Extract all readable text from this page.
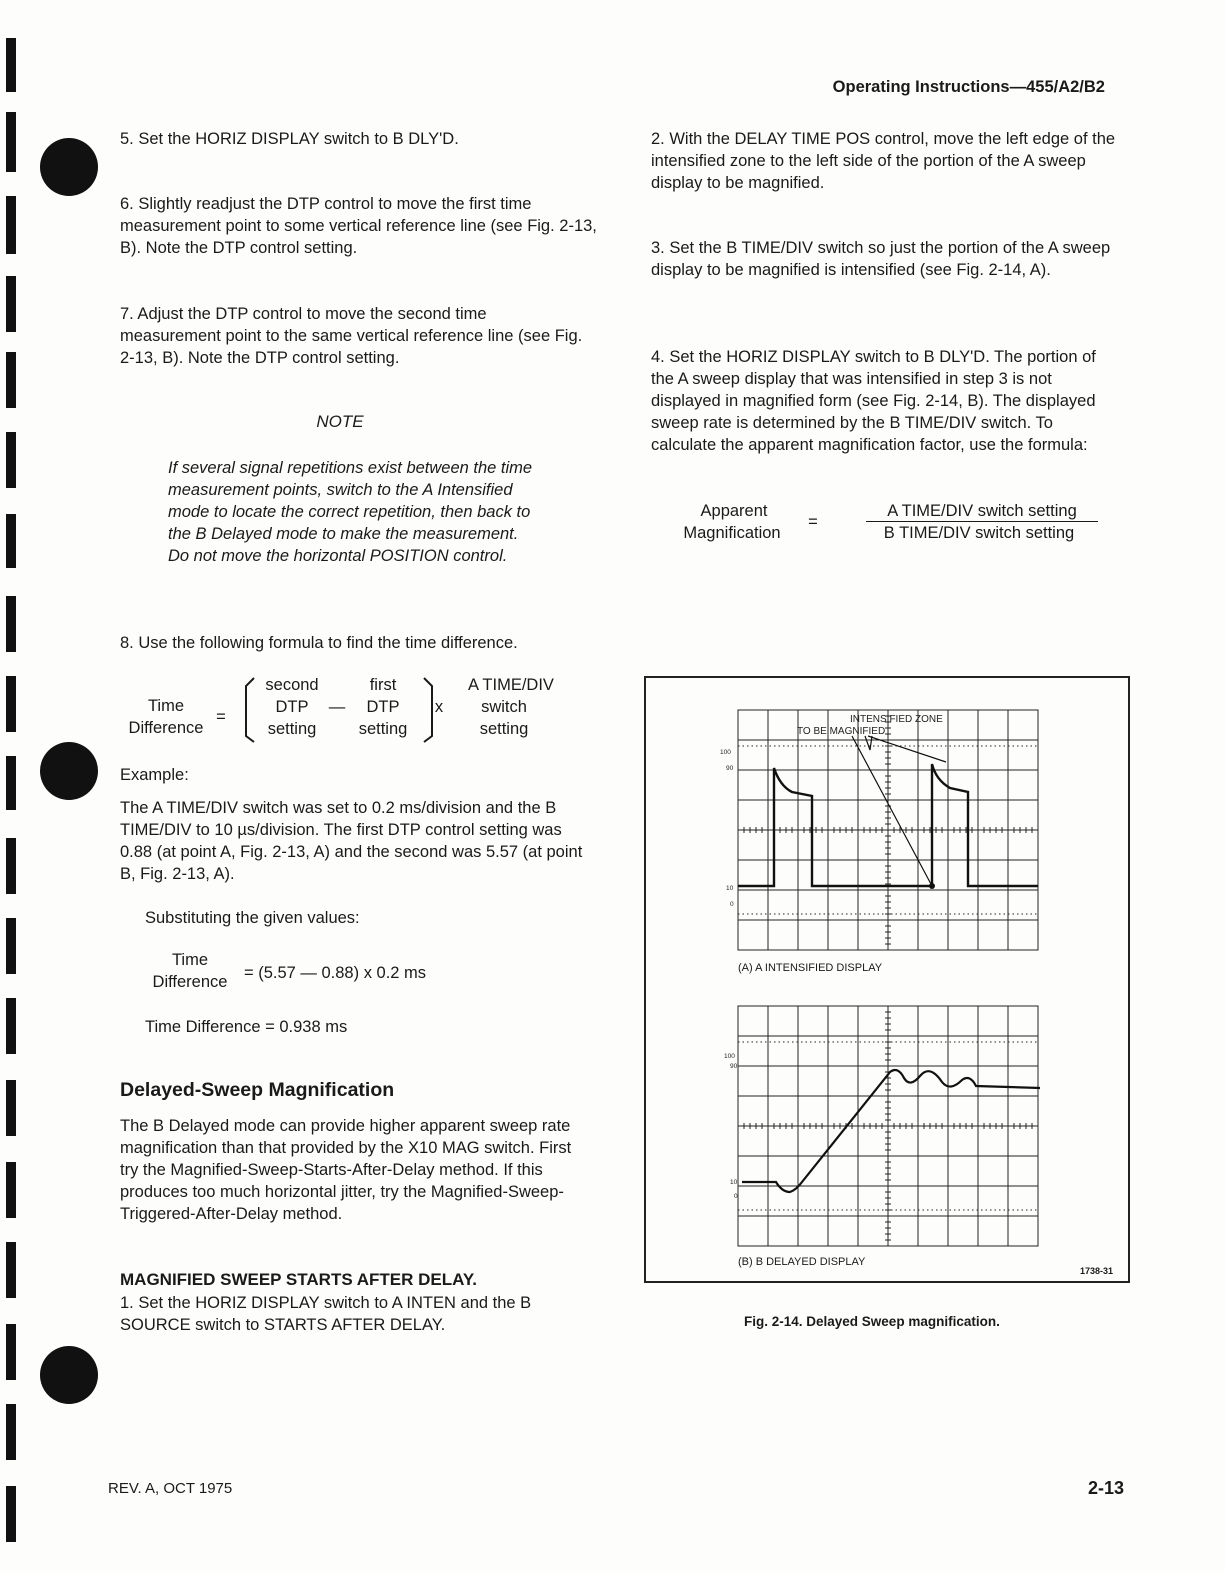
Operating Instructions—455/A2/B2
5. Set the HORIZ DISPLAY switch to B DLY'D.
6. Slightly readjust the DTP control to move the first time measurement point to some vertical reference line (see Fig. 2-13, B). Note the DTP control setting.
7. Adjust the DTP control to move the second time measurement point to the same vertical reference line (see Fig. 2-13, B). Note the DTP control setting.
NOTE
If several signal repetitions exist between the time measurement points, switch to the A Intensified mode to locate the correct repetition, then back to the B Delayed mode to make the measurement. Do not move the horizontal POSITION control.
8. Use the following formula to find the time difference.
Time
Difference
=
second
DTP
setting
—
first
DTP
setting
x
A TIME/DIV
switch
setting
Example:
The A TIME/DIV switch was set to 0.2 ms/division and the B TIME/DIV to 10 µs/division. The first DTP control setting was 0.88 (at point A, Fig. 2-13, A) and the second was 5.57 (at point B, Fig. 2-13, A).
Substituting the given values:
Time
Difference	= (5.57 — 0.88) x 0.2 ms
Time Difference = 0.938 ms
Delayed-Sweep Magnification
The B Delayed mode can provide higher apparent sweep rate magnification than that provided by the X10 MAG switch. First try the Magnified-Sweep-Starts-After-Delay method. If this produces too much horizontal jitter, try the Magnified-Sweep-Triggered-After-Delay method.
MAGNIFIED SWEEP STARTS AFTER DELAY.
1. Set the HORIZ DISPLAY switch to A INTEN and the B SOURCE switch to STARTS AFTER DELAY.
2. With the DELAY TIME POS control, move the left edge of the intensified zone to the left side of the portion of the A sweep display to be magnified.
3. Set the B TIME/DIV switch so just the portion of the A sweep display to be magnified is intensified (see Fig. 2-14, A).
4. Set the HORIZ DISPLAY switch to B DLY'D. The portion of the A sweep display that was intensified in step 3 is not displayed in magnified form (see Fig. 2-14, B). The displayed sweep rate is determined by the B TIME/DIV switch. To calculate the apparent magnification factor, use the formula:
Apparent
Magnification
=
A TIME/DIV switch setting
B TIME/DIV switch setting
INTENSIFIED ZONE
TO BE MAGNIFIED
100
90
10
0
(A) A INTENSIFIED DISPLAY
100
90
10
0
(B) B DELAYED DISPLAY
1738-31
Fig. 2-14. Delayed Sweep magnification.
REV. A, OCT 1975	2-13
